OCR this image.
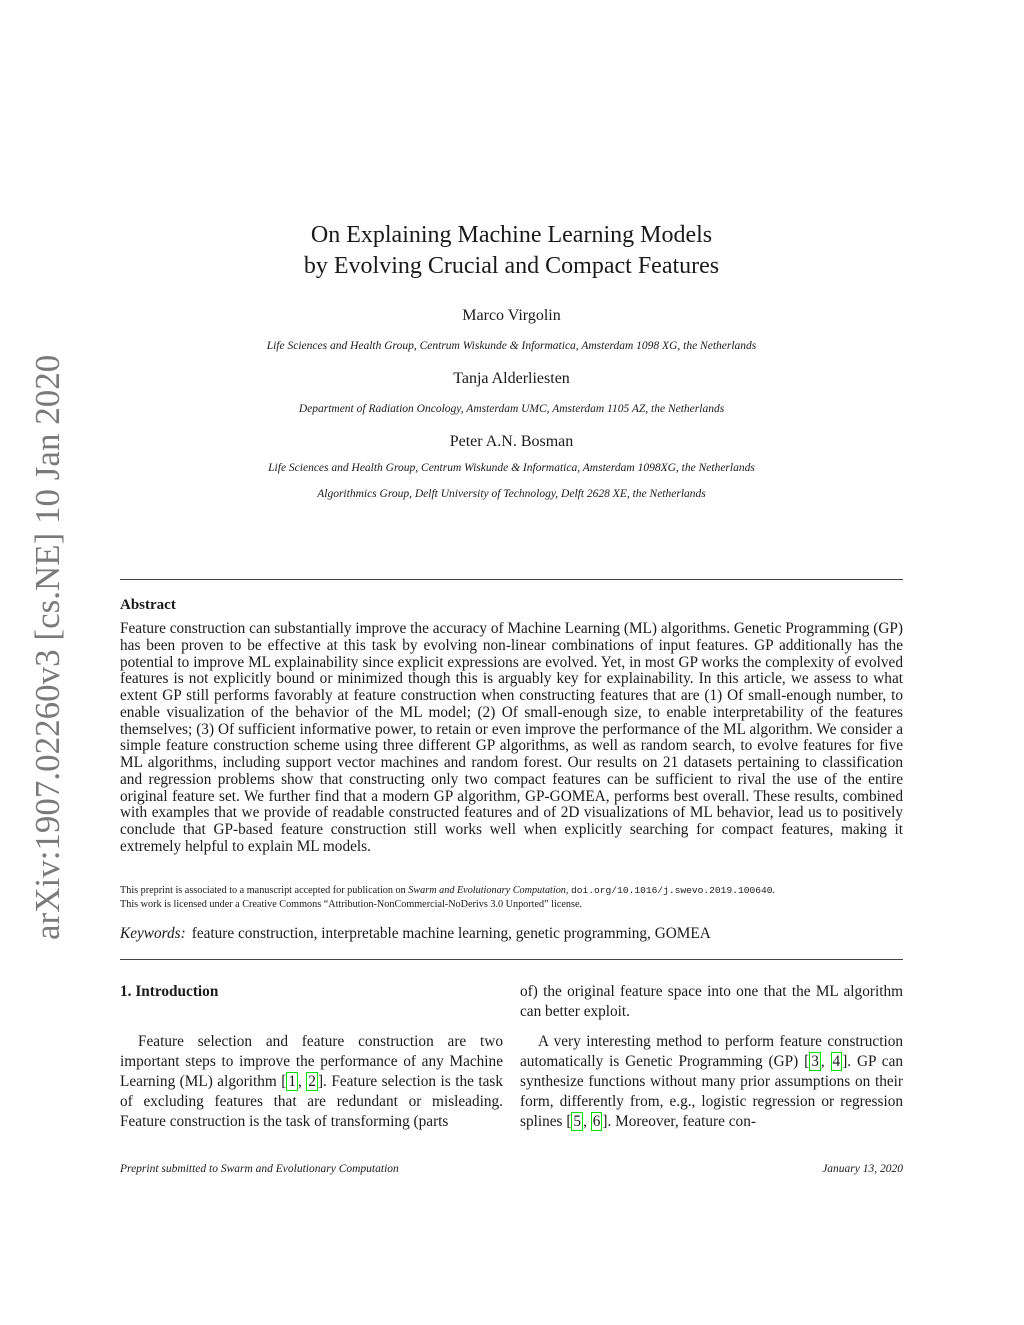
arXiv:1907.02260v3 [cs.NE] 10 Jan 2020
On Explaining Machine Learning Models
by Evolving Crucial and Compact Features
Marco Virgolin
Life Sciences and Health Group, Centrum Wiskunde & Informatica, Amsterdam 1098 XG, the Netherlands
Tanja Alderliesten
Department of Radiation Oncology, Amsterdam UMC, Amsterdam 1105 AZ, the Netherlands
Peter A.N. Bosman
Life Sciences and Health Group, Centrum Wiskunde & Informatica, Amsterdam 1098XG, the Netherlands
Algorithmics Group, Delft University of Technology, Delft 2628 XE, the Netherlands
Abstract
Feature construction can substantially improve the accuracy of Machine Learning (ML) algorithms. Genetic Programming (GP) has been proven to be effective at this task by evolving non-linear combinations of input features. GP additionally has the potential to improve ML explainability since explicit expressions are evolved. Yet, in most GP works the complexity of evolved features is not explicitly bound or minimized though this is arguably key for explainability. In this article, we assess to what extent GP still performs favorably at feature construction when constructing features that are (1) Of small-enough number, to enable visualization of the behavior of the ML model; (2) Of small-enough size, to enable interpretability of the features themselves; (3) Of sufficient informative power, to retain or even improve the performance of the ML algorithm. We consider a simple feature construction scheme using three different GP algorithms, as well as random search, to evolve features for five ML algorithms, including support vector machines and random forest. Our results on 21 datasets pertaining to classification and regression problems show that constructing only two compact features can be sufficient to rival the use of the entire original feature set. We further find that a modern GP algorithm, GP-GOMEA, performs best overall. These results, combined with examples that we provide of readable constructed features and of 2D visualizations of ML behavior, lead us to positively conclude that GP-based feature construction still works well when explicitly searching for compact features, making it extremely helpful to explain ML models.
This preprint is associated to a manuscript accepted for publication on Swarm and Evolutionary Computation, doi.org/10.1016/j.swevo.2019.100640.
This work is licensed under a Creative Commons “Attribution-NonCommercial-NoDerivs 3.0 Unported” license.
Keywords: feature construction, interpretable machine learning, genetic programming, GOMEA
1. Introduction

Feature selection and feature construction are two important steps to improve the performance of any Machine Learning (ML) algorithm [ 1 , 2 ]. Feature selection is the task of excluding features that are redundant or misleading. Feature construction is the task of transforming (parts

of) the original feature space into one that the ML algorithm can better exploit.

A very interesting method to perform feature construction automatically is Genetic Programming (GP) [ 3 , 4 ]. GP can synthesize functions without many prior assumptions on their form, differently from, e.g., logistic regression or regression splines [ 5 , 6 ]. Moreover, feature con-

Preprint submitted to Swarm and Evolutionary Computation	January 13, 2020
